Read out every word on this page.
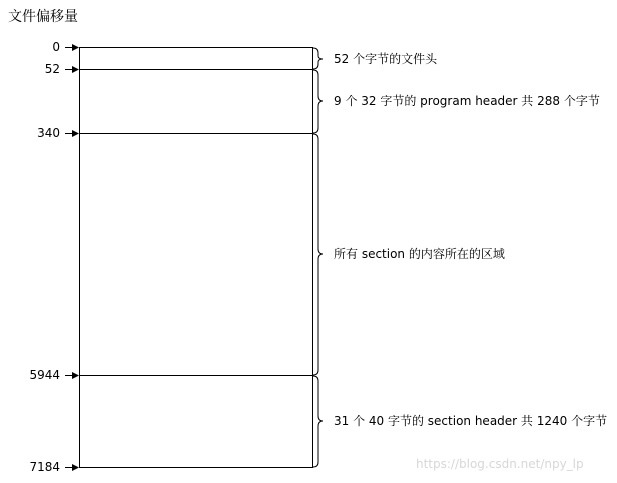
文件偏移量
0
52
340
5944
7184
52 个字节的文件头
9 个 32 字节的 program header 共 288 个字节
所有 section 的内容所在的区域
31 个 40 字节的 section header 共 1240 个字节
https://blog.csdn.net/npy_lp
